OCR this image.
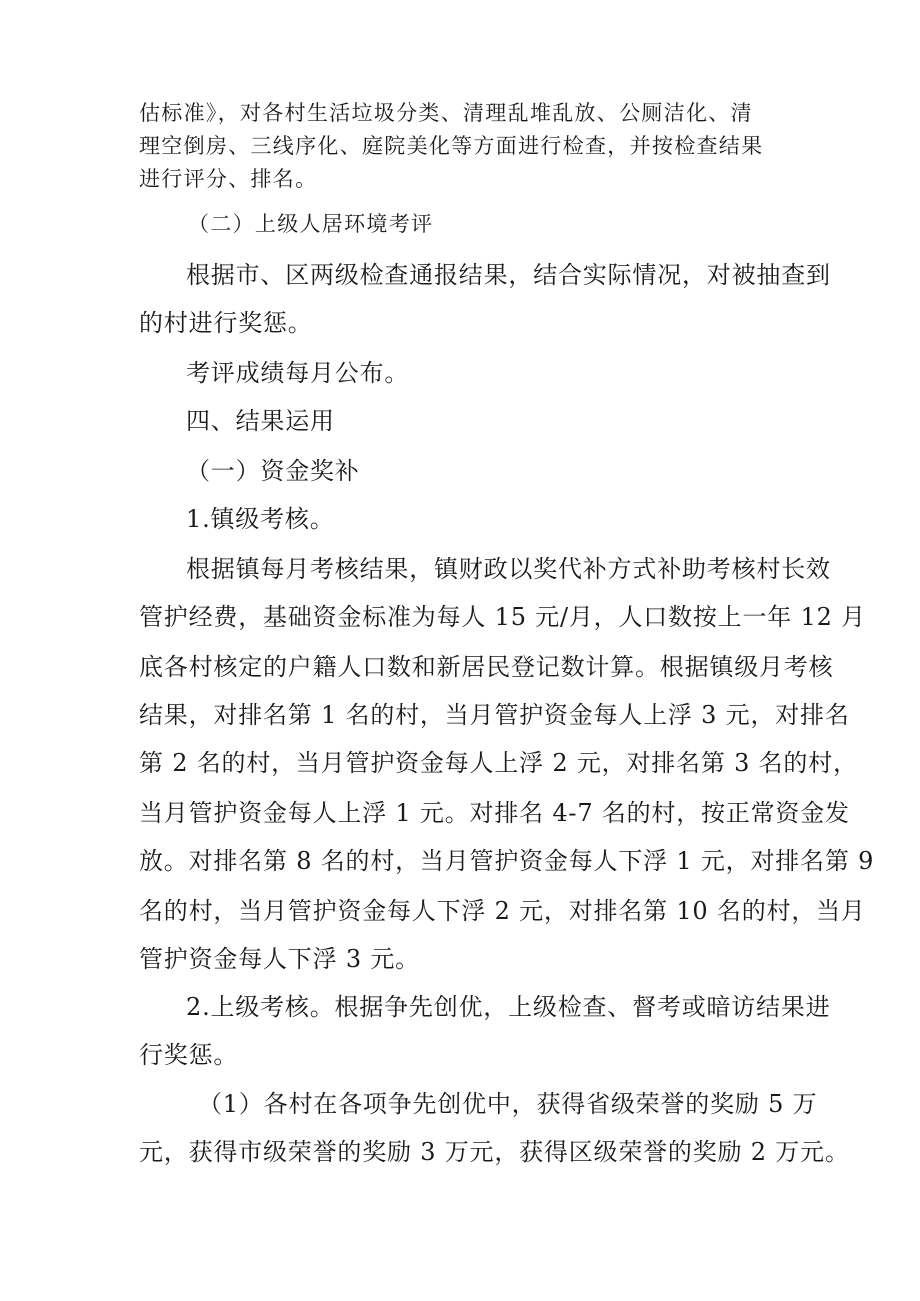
估标准》，对各村生活垃圾分类、清理乱堆乱放、公厕洁化、清
理空倒房、三线序化、庭院美化等方面进行检查，并按检查结果
进行评分、排名。
（二）上级人居环境考评
根据市、区两级检查通报结果，结合实际情况，对被抽查到
的村进行奖惩。
考评成绩每月公布。
四、结果运用
（一）资金奖补
1.镇级考核。
根据镇每月考核结果，镇财政以奖代补方式补助考核村长效
管护经费，基础资金标准为每人 15 元/月，人口数按上一年 12 月
底各村核定的户籍人口数和新居民登记数计算。根据镇级月考核
结果，对排名第 1 名的村，当月管护资金每人上浮 3 元，对排名
第 2 名的村，当月管护资金每人上浮 2 元，对排名第 3 名的村，
当月管护资金每人上浮 1 元。对排名 4-7 名的村，按正常资金发
放。对排名第 8 名的村，当月管护资金每人下浮 1 元，对排名第 9
名的村，当月管护资金每人下浮 2 元，对排名第 10 名的村，当月
管护资金每人下浮 3 元。
2.上级考核。根据争先创优，上级检查、督考或暗访结果进
行奖惩。
（1）各村在各项争先创优中，获得省级荣誉的奖励 5 万
元，获得市级荣誉的奖励 3 万元，获得区级荣誉的奖励 2 万元。
